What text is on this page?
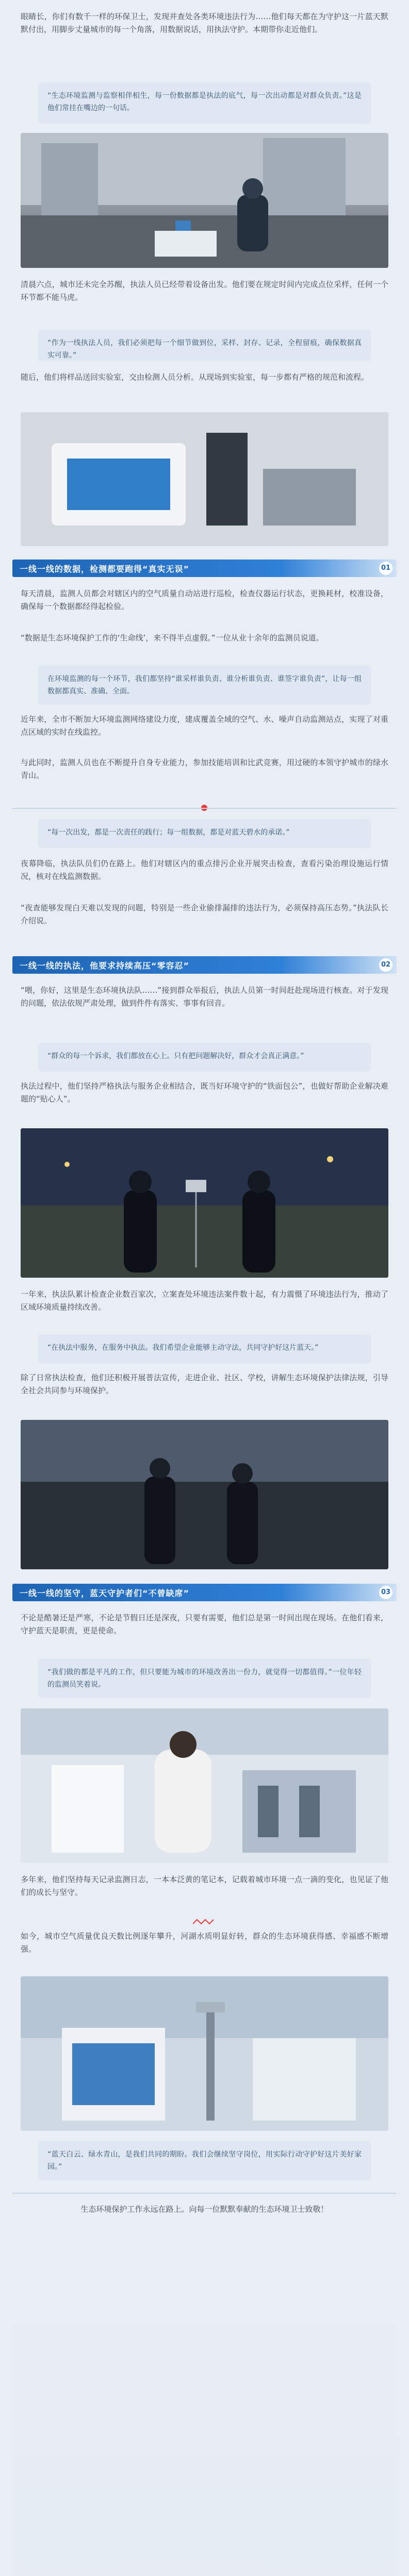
眼睛长，你们有数千一样的环保卫士，发现并查处各类环境违法行为……他们每天都在为守护这一片蓝天默默付出，用脚步丈量城市的每一个角落，用数据说话，用执法守护。本期带你走近他们。

“生态环境监测与监察相伴相生，每一份数据都是执法的底气，每一次出动都是对群众负责。”这是他们常挂在嘴边的一句话。

清晨六点，城市还未完全苏醒，执法人员已经带着设备出发。他们要在规定时间内完成点位采样，任何一个环节都不能马虎。

“作为一线执法人员，我们必须把每一个细节做到位，采样、封存、记录，全程留痕，确保数据真实可靠。”

随后，他们将样品送回实验室，交由检测人员分析。从现场到实验室，每一步都有严格的规范和流程。

一线一线的数据，检测都要跑得“真实无误”	01

每天清晨，监测人员都会对辖区内的空气质量自动站进行巡检，检查仪器运行状态，更换耗材，校准设备，确保每一个数据都经得起检验。

“数据是生态环境保护工作的‘生命线’，来不得半点虚假。”一位从业十余年的监测员说道。

在环境监测的每一个环节，我们都坚持“谁采样谁负责、谁分析谁负责、谁签字谁负责”，让每一组数据都真实、准确、全面。

近年来，全市不断加大环境监测网络建设力度，建成覆盖全域的空气、水、噪声自动监测站点，实现了对重点区域的实时在线监控。

与此同时，监测人员也在不断提升自身专业能力，参加技能培训和比武竞赛，用过硬的本领守护城市的绿水青山。

“每一次出发，都是一次责任的践行；每一组数据，都是对蓝天碧水的承诺。”

夜幕降临，执法队员们仍在路上。他们对辖区内的重点排污企业开展突击检查，查看污染治理设施运行情况，核对在线监测数据。

“夜查能够发现白天难以发现的问题，特别是一些企业偷排漏排的违法行为，必须保持高压态势。”执法队长介绍说。

一线一线的执法，他要求持续高压“零容忍”	02

“喂，你好，这里是生态环境执法队……”接到群众举报后，执法人员第一时间赶赴现场进行核查。对于发现的问题，依法依规严肃处理，做到件件有落实、事事有回音。

“群众的每一个诉求，我们都放在心上。只有把问题解决好，群众才会真正满意。”

执法过程中，他们坚持严格执法与服务企业相结合，既当好环境守护的“铁面包公”，也做好帮助企业解决难题的“贴心人”。

一年来，执法队累计检查企业数百家次，立案查处环境违法案件数十起，有力震慑了环境违法行为，推动了区域环境质量持续改善。

“在执法中服务，在服务中执法。我们希望企业能够主动守法，共同守护好这片蓝天。”

除了日常执法检查，他们还积极开展普法宣传，走进企业、社区、学校，讲解生态环境保护法律法规，引导全社会共同参与环境保护。

一线一线的坚守，蓝天守护者们“不曾缺席”	03

不论是酷暑还是严寒，不论是节假日还是深夜，只要有需要，他们总是第一时间出现在现场。在他们看来，守护蓝天是职责，更是使命。

“我们做的都是平凡的工作，但只要能为城市的环境改善出一份力，就觉得一切都值得。”一位年轻的监测员笑着说。

多年来，他们坚持每天记录监测日志，一本本泛黄的笔记本，记载着城市环境一点一滴的变化，也见证了他们的成长与坚守。

如今，城市空气质量优良天数比例逐年攀升，河湖水质明显好转，群众的生态环境获得感、幸福感不断增强。

“蓝天白云、绿水青山，是我们共同的期盼。我们会继续坚守岗位，用实际行动守护好这片美好家园。”

生态环境保护工作永远在路上。向每一位默默奉献的生态环境卫士致敬！
